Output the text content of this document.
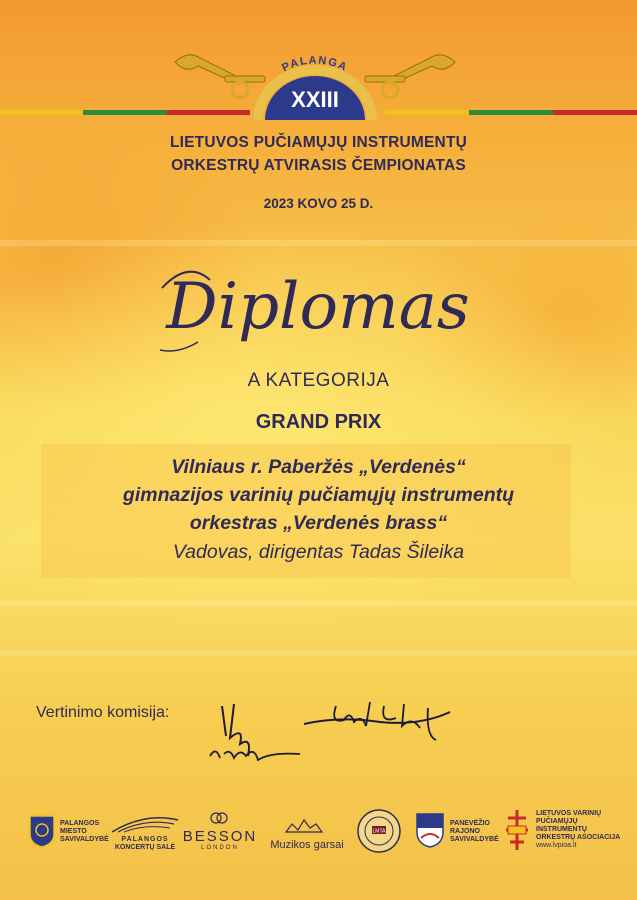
PALANGA
XXIII
LIETUVOS PUČIAMŲJŲ INSTRUMENTŲ
ORKESTRŲ ATVIRASIS ČEMPIONATAS
2023 KOVO 25 D.
Diplomas
A KATEGORIJA
GRAND PRIX
Vilniaus r. Paberžės „Verdenės“
gimnazijos varinių pučiamųjų instrumentų
orkestras „Verdenės brass“
Vadovas, dirigentas Tadas Šileika
Vertinimo komisija:
PALANGOS
MIESTO
SAVIVALDYBĖ	PALANGOS
KONCERTŲ SALĖ
BESSON
LONDON	Muzikos garsai
LMTA
PANEVĖŽIO
RAJONO
SAVIVALDYBĖ
LIETUVOS VARINIŲ
PUČIAMŲJŲ
INSTRUMENTŲ
ORKESTRŲ ASOCIACIJA
www.lvpioa.lt
